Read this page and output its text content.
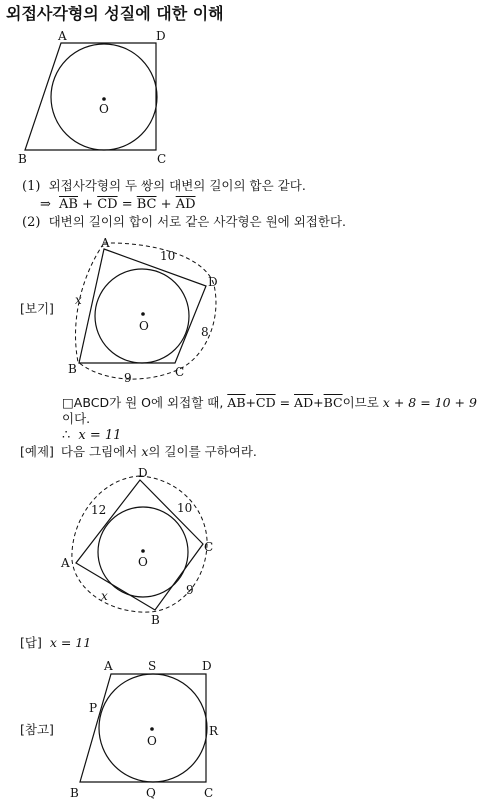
외접사각형의 성질에 대한 이해
A	D
B	C
O
A
D
B	C
O
10
8
9
x
D
C
A
B
O
12	10
9
x
A	S	D
P
R
O
B	Q	C
(1) 외접사각형의 두 쌍의 대변의 길이의 합은 같다.
⇒ $\overline{AB} + \overline{CD} = \overline{BC} + \overline{AD}$
(2) 대변의 길이의 합이 서로 같은 사각형은 원에 외접한다.
[보기]
□ABCD가 원 O에 외접할 때, $\overline{AB}+\overline{CD} = \overline{AD}+\overline{BC}$이므로 x + 8 = 10 + 9
이다.
∴ x = 11
[예제] 다음 그림에서 x의 길이를 구하여라.
[답] x = 11
[참고]
